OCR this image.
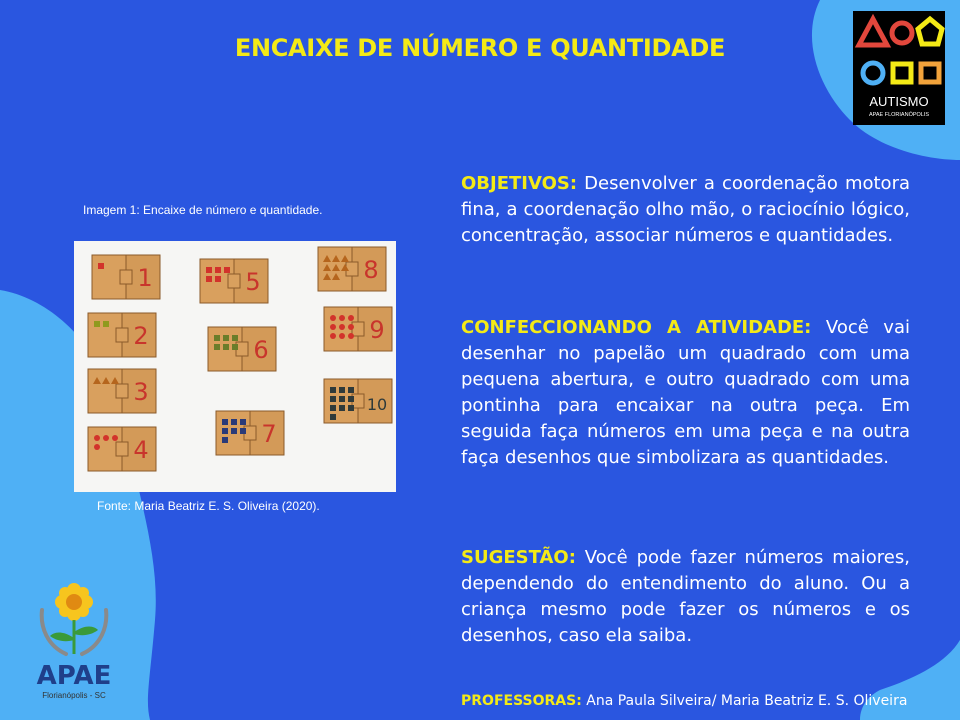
ENCAIXE DE NÚMERO E QUANTIDADE
AUTISMO
APAE FLORIANÓPOLIS
Imagem 1: Encaixe de número e quantidade.
1
2
3
4
5
6
7
8
9
10
Fonte: Maria Beatriz E. S. Oliveira (2020).
OBJETIVOS: Desenvolver a coordenação motora fina, a coordenação olho mão, o raciocínio lógico, concentração, associar números e quantidades.
CONFECCIONANDO A ATIVIDADE: Você vai desenhar no papelão um quadrado com uma pequena abertura, e outro quadrado com uma pontinha para encaixar na outra peça. Em seguida faça números em uma peça e na outra faça desenhos que simbolizara as quantidades.
SUGESTÃO: Você pode fazer números maiores, dependendo do entendimento do aluno. Ou a criança mesmo pode fazer os números e os desenhos, caso ela saiba.
PROFESSORAS: Ana Paula Silveira/ Maria Beatriz E. S. Oliveira
APAE
Florianópolis - SC
